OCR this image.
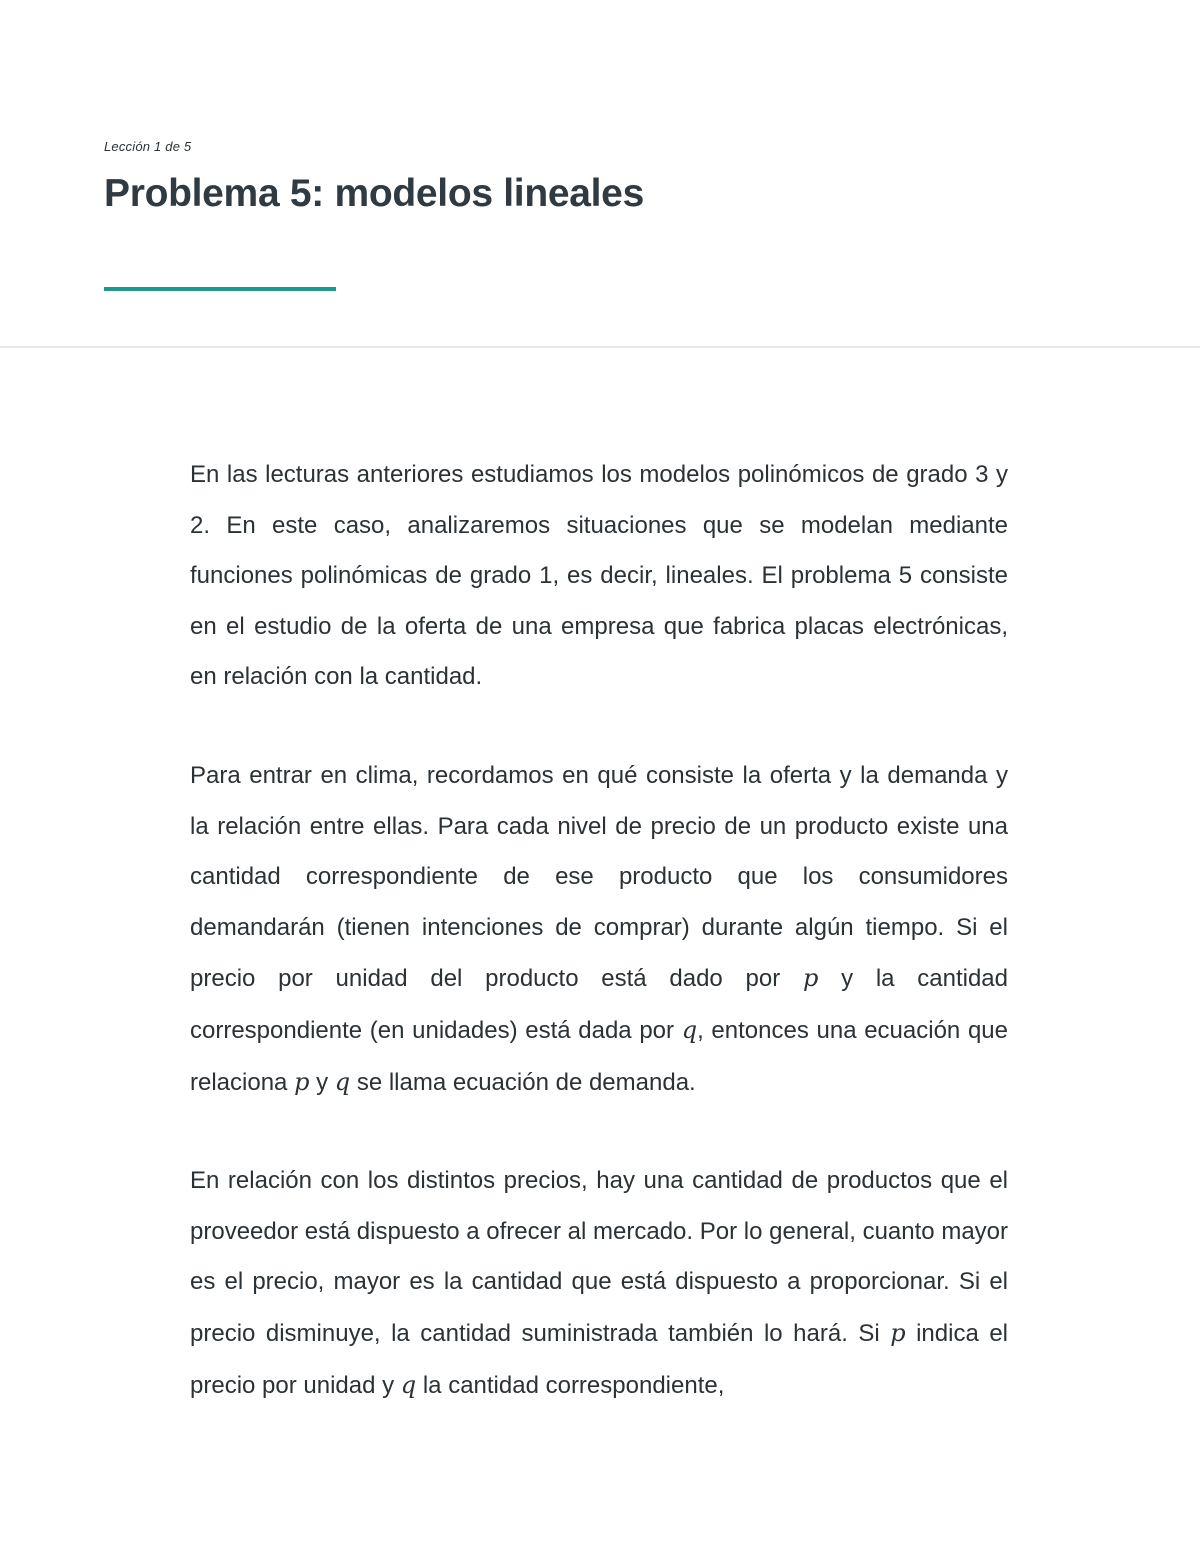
Lección 1 de 5
Problema 5: modelos lineales

En las lecturas anteriores estudiamos los modelos polinómicos de grado 3 y 2. En este caso, analizaremos situaciones que se modelan mediante funciones polinómicas de grado 1, es decir, lineales. El problema 5 consiste en el estudio de la oferta de una empresa que fabrica placas electrónicas, en relación con la cantidad.

Para entrar en clima, recordamos en qué consiste la oferta y la demanda y la relación entre ellas. Para cada nivel de precio de un producto existe una cantidad correspondiente de ese producto que los consumidores demandarán (tienen intenciones de comprar) durante algún tiempo. Si el precio por unidad del producto está dado por p y la cantidad correspondiente (en unidades) está dada por q, entonces una ecuación que relaciona p y q se llama ecuación de demanda.

En relación con los distintos precios, hay una cantidad de productos que el proveedor está dispuesto a ofrecer al mercado. Por lo general, cuanto mayor es el precio, mayor es la cantidad que está dispuesto a proporcionar. Si el precio disminuye, la cantidad suministrada también lo hará. Si p indica el precio por unidad y q la cantidad correspondiente,
